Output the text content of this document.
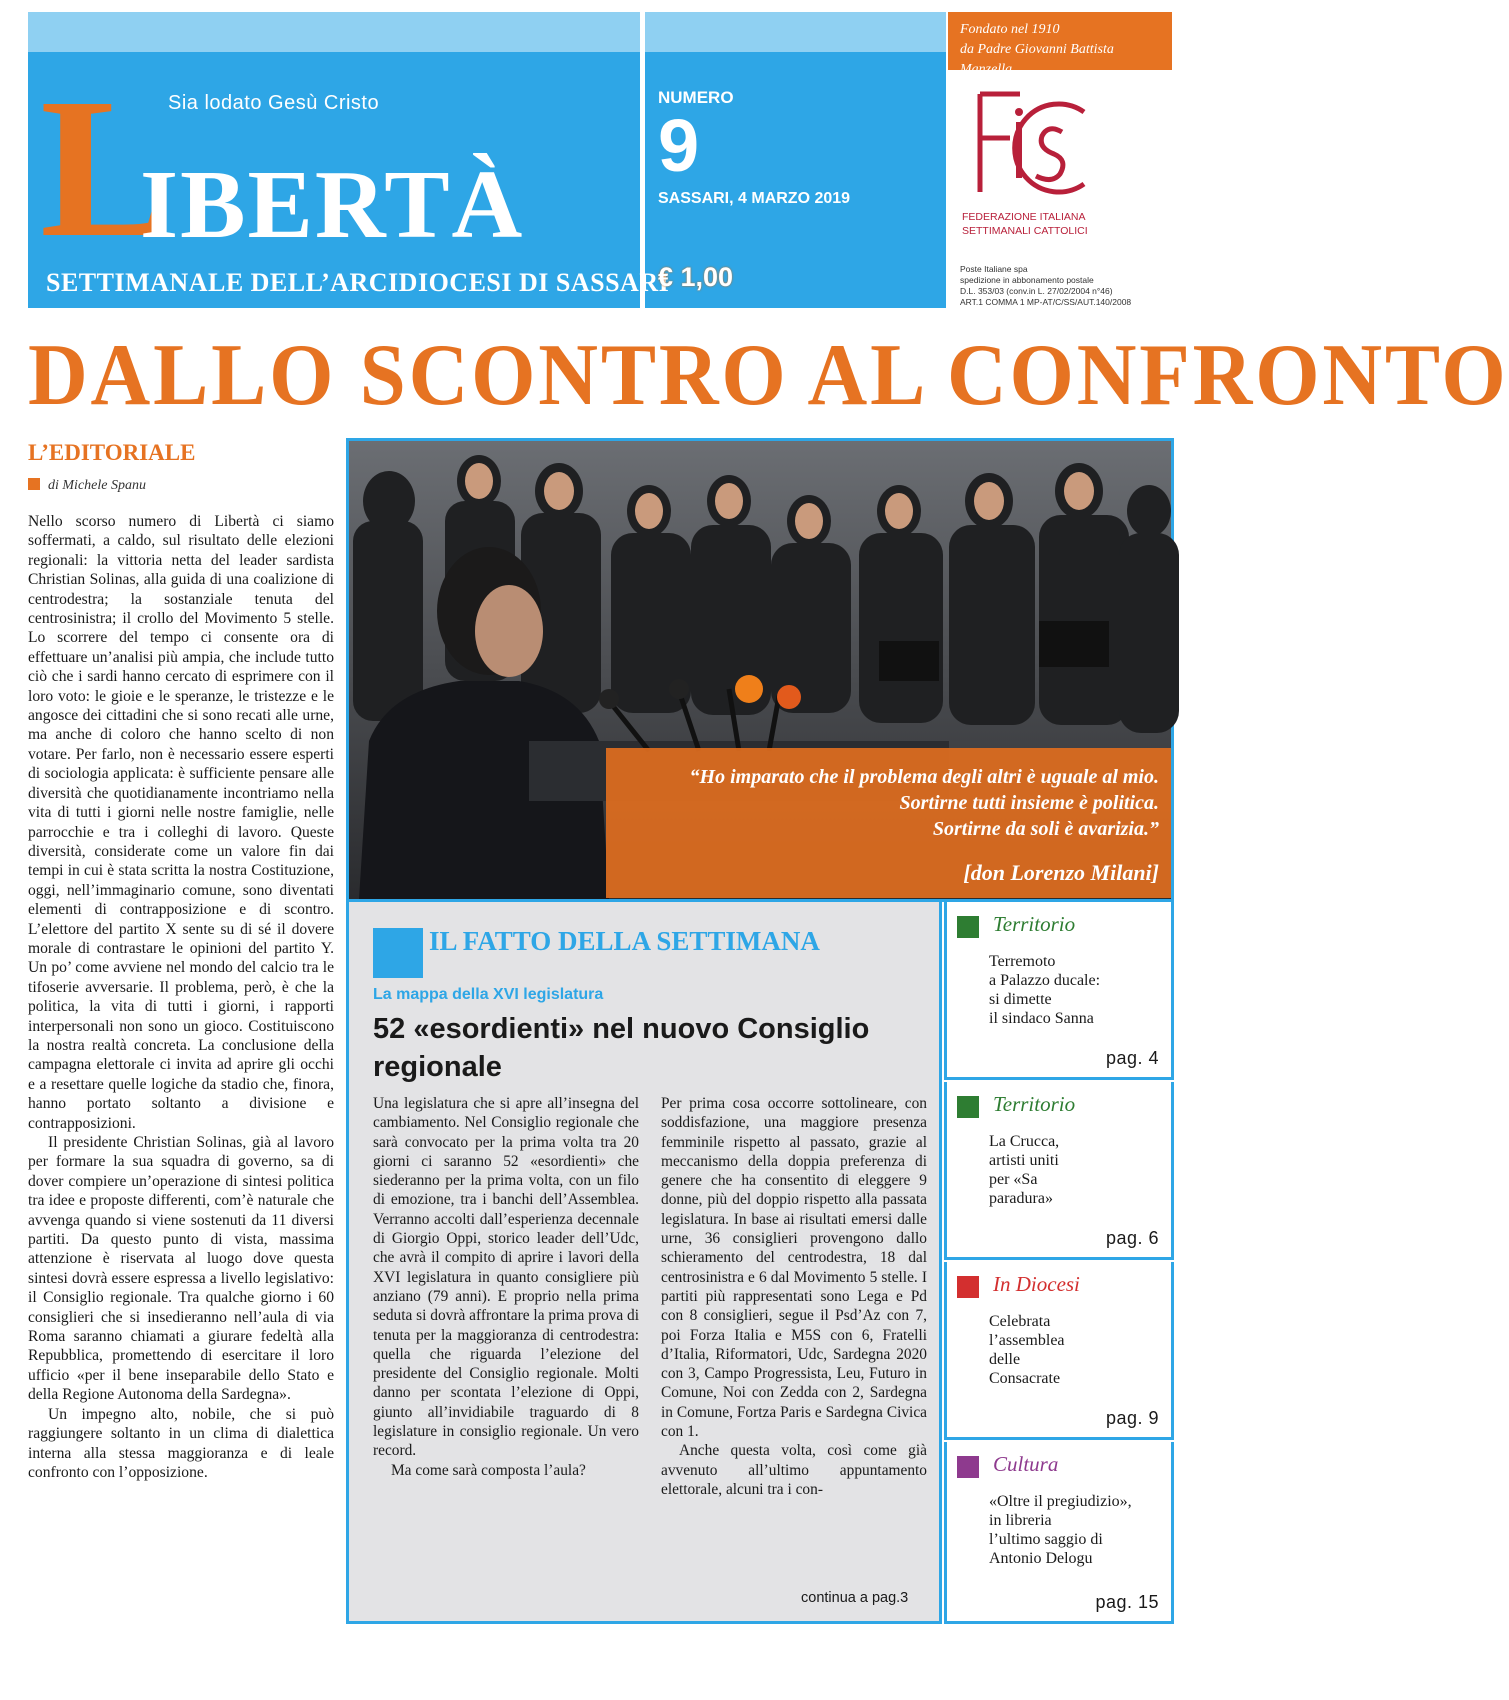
Sia lodato Gesù Cristo
L
IBERTÀ
SETTIMANALE DELL’ARCIDIOCESI DI SASSARI
NUMERO
9
SASSARI, 4 MARZO 2019
€ 1,00
Fondato nel 1910
da Padre Giovanni Battista Manzella
FEDERAZIONE ITALIANA
SETTIMANALI CATTOLICI
Poste Italiane spa
spedizione in abbonamento postale
D.L. 353/03 (conv.in L. 27/02/2004 n°46)
ART.1 COMMA 1 MP-AT/C/SS/AUT.140/2008
DALLO SCONTRO AL CONFRONTO
L’EDITORIALE
di Michele Spanu

Nello scorso numero di Libertà ci siamo soffermati, a caldo, sul risultato delle elezioni regionali: la vittoria netta del leader sardista Christian Solinas, alla guida di una coalizione di centrodestra; la sostanziale tenuta del centrosinistra; il crollo del Movimento 5 stelle. Lo scorrere del tempo ci consente ora di effettuare un’analisi più ampia, che include tutto ciò che i sardi hanno cercato di esprimere con il loro voto: le gioie e le speranze, le tristezze e le angosce dei cittadini che si sono recati alle urne, ma anche di coloro che hanno scelto di non votare. Per farlo, non è necessario essere esperti di sociologia applicata: è sufficiente pensare alle diversità che quotidianamente incontriamo nella vita di tutti i giorni nelle nostre famiglie, nelle parrocchie e tra i colleghi di lavoro. Queste diversità, considerate come un valore fin dai tempi in cui è stata scritta la nostra Costituzione, oggi, nell’immaginario comune, sono diventati elementi di contrapposizione e di scontro. L’elettore del partito X sente su di sé il dovere morale di contrastare le opinioni del partito Y. Un po’ come avviene nel mondo del calcio tra le tifoserie avversarie. Il problema, però, è che la politica, la vita di tutti i giorni, i rapporti interpersonali non sono un gioco. Costituiscono la nostra realtà concreta. La conclusione della campagna elettorale ci invita ad aprire gli occhi e a resettare quelle logiche da stadio che, finora, hanno portato soltanto a divisione e contrapposizioni.

Il presidente Christian Solinas, già al lavoro per formare la sua squadra di governo, sa di dover compiere un’operazione di sintesi politica tra idee e proposte differenti, com’è naturale che avvenga quando si viene sostenuti da 11 diversi partiti. Da questo punto di vista, massima attenzione è riservata al luogo dove questa sintesi dovrà essere espressa a livello legislativo: il Consiglio regionale. Tra qualche giorno i 60 consiglieri che si insedieranno nell’aula di via Roma saranno chiamati a giurare fedeltà alla Repubblica, promettendo di esercitare il loro ufficio «per il bene inseparabile dello Stato e della Regione Autonoma della Sardegna».

Un impegno alto, nobile, che si può raggiungere soltanto in un clima di dialettica interna alla stessa maggioranza e di leale confronto con l’opposizione.

“Ho imparato che il problema degli altri è uguale al mio.
Sortirne tutti insieme è politica.
Sortirne da soli è avarizia.”
[don Lorenzo Milani]
IL FATTO DELLA SETTIMANA
La mappa della XVI legislatura
52 «esordienti» nel nuovo Consiglio regionale

Una legislatura che si apre all’insegna del cambiamento. Nel Consiglio regionale che sarà convocato per la prima volta tra 20 giorni ci saranno 52 «esordienti» che siederanno per la prima volta, con un filo di emozione, tra i banchi dell’Assemblea. Verranno accolti dall’esperienza decennale di Giorgio Oppi, storico leader dell’Udc, che avrà il compito di aprire i lavori della XVI legislatura in quanto consigliere più anziano (79 anni). E proprio nella prima seduta si dovrà affrontare la prima prova di tenuta per la maggioranza di centrodestra: quella che riguarda l’elezione del presidente del Consiglio regionale. Molti danno per scontata l’elezione di Oppi, giunto all’invidiabile traguardo di 8 legislature in consiglio regionale. Un vero record.

Ma come sarà composta l’aula?

Per prima cosa occorre sottolineare, con soddisfazione, una maggiore presenza femminile rispetto al passato, grazie al meccanismo della doppia preferenza di genere che ha consentito di eleggere 9 donne, più del doppio rispetto alla passata legislatura. In base ai risultati emersi dalle urne, 36 consiglieri provengono dallo schieramento del centrodestra, 18 dal centrosinistra e 6 dal Movimento 5 stelle. I partiti più rappresentati sono Lega e Pd con 8 consiglieri, segue il Psd’Az con 7, poi Forza Italia e M5S con 6, Fratelli d’Italia, Riformatori, Udc, Sardegna 2020 con 3, Campo Progressista, Leu, Futuro in Comune, Noi con Zedda con 2, Sardegna in Comune, Fortza Paris e Sardegna Civica con 1.

Anche questa volta, così come già avvenuto all’ultimo appuntamento elettorale, alcuni tra i con-

continua a pag.3
Territorio
Terremoto
a Palazzo ducale:
si dimette
il sindaco Sanna
pag. 4
Territorio
La Crucca,
artisti uniti
per «Sa
paradura»
pag. 6
In Diocesi
Celebrata
l’assemblea
delle
Consacrate
pag. 9
Cultura
«Oltre il pregiudizio»,
in libreria
l’ultimo saggio di
Antonio Delogu
pag. 15
